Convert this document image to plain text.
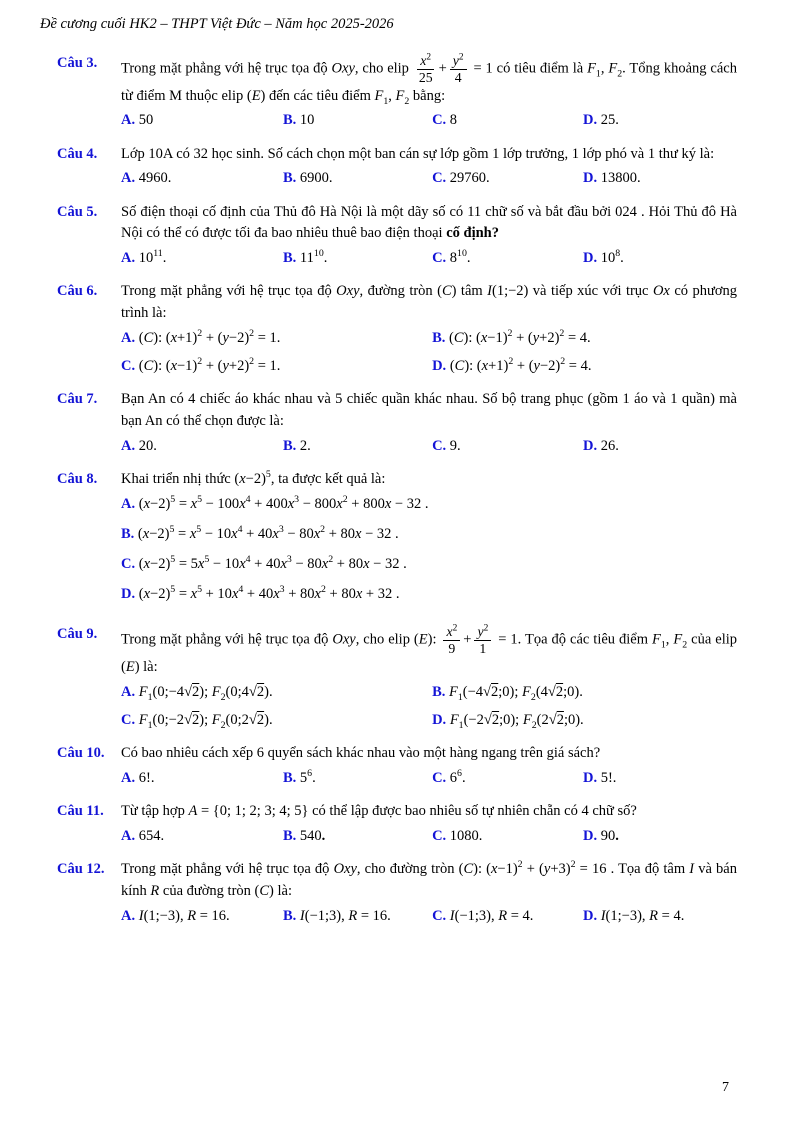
Đề cương cuối HK2 – THPT Việt Đức – Năm học 2025-2026
Câu 3.	Trong mặt phẳng với hệ trục tọa độ Oxy, cho elip $\frac{x^2}{25} + \frac{y^2}{4} = 1$ có tiêu điểm là $F_1$, $F_2$. Tổng khoảng cách từ điểm M thuộc elip (E) đến các tiêu điểm $F_1$, $F_2$ bằng:
A. 50	B. 10	C. 8	D. 25.
Câu 4.	Lớp 10A có 32 học sinh. Số cách chọn một ban cán sự lớp gồm 1 lớp trưởng, 1 lớp phó và 1 thư ký là:
A. 4960.	B. 6900.	C. 29760.	D. 13800.
Câu 5.	Số điện thoại cố định của Thủ đô Hà Nội là một dãy số có 11 chữ số và bắt đầu bởi 024 . Hỏi Thủ đô Hà Nội có thể có được tối đa bao nhiêu thuê bao điện thoại cố định?
A. $10^{11}$.	B. $11^{10}$.	C. $8^{10}$.	D. $10^8$.
Câu 6.	Trong mặt phẳng với hệ trục tọa độ Oxy, đường tròn (C) tâm I(1;−2) và tiếp xúc với trục Ox có phương trình là:
A. (C): $(x+1)^2 + (y-2)^2 = 1$.	B. (C): $(x-1)^2 + (y+2)^2 = 4$.
C. (C): $(x-1)^2 + (y+2)^2 = 1$.	D. (C): $(x+1)^2 + (y-2)^2 = 4$.
Câu 7.	Bạn An có 4 chiếc áo khác nhau và 5 chiếc quần khác nhau. Số bộ trang phục (gồm 1 áo và 1 quần) mà bạn An có thể chọn được là:
A. 20.	B. 2.	C. 9.	D. 26.
Câu 8.	Khai triển nhị thức $(x-2)^5$, ta được kết quả là:
A. $(x-2)^5 = x^5 - 100x^4 + 400x^3 - 800x^2 + 800x - 32$ .
B. $(x-2)^5 = x^5 - 10x^4 + 40x^3 - 80x^2 + 80x - 32$ .
C. $(x-2)^5 = 5x^5 - 10x^4 + 40x^3 - 80x^2 + 80x - 32$ .
D. $(x-2)^5 = x^5 + 10x^4 + 40x^3 + 80x^2 + 80x + 32$ .
Câu 9.	Trong mặt phẳng với hệ trục tọa độ Oxy, cho elip (E): $\frac{x^2}{9} + \frac{y^2}{1} = 1$. Tọa độ các tiêu điểm $F_1$, $F_2$ của elip (E) là:
A. $F_1(0;-4√2)$; $F_2(0;4√2)$.	B. $F_1(-4√2;0)$; $F_2(4√2;0)$.
C. $F_1(0;-2√2)$; $F_2(0;2√2)$.	D. $F_1(-2√2;0)$; $F_2(2√2;0)$.
Câu 10.	Có bao nhiêu cách xếp 6 quyển sách khác nhau vào một hàng ngang trên giá sách?
A. 6!.	B. $5^6$.	C. $6^6$.	D. 5!.
Câu 11.	Từ tập hợp A = {0; 1; 2; 3; 4; 5} có thể lập được bao nhiêu số tự nhiên chẵn có 4 chữ số?
A. 654.	B. 540.	C. 1080.	D. 90.
Câu 12.	Trong mặt phẳng với hệ trục tọa độ Oxy, cho đường tròn (C): $(x-1)^2 + (y+3)^2 = 16$ . Tọa độ tâm I và bán kính R của đường tròn (C) là:
A. I(1;−3), R = 16.	B. I(−1;3), R = 16.	C. I(−1;3), R = 4.	D. I(1;−3), R = 4.
7
